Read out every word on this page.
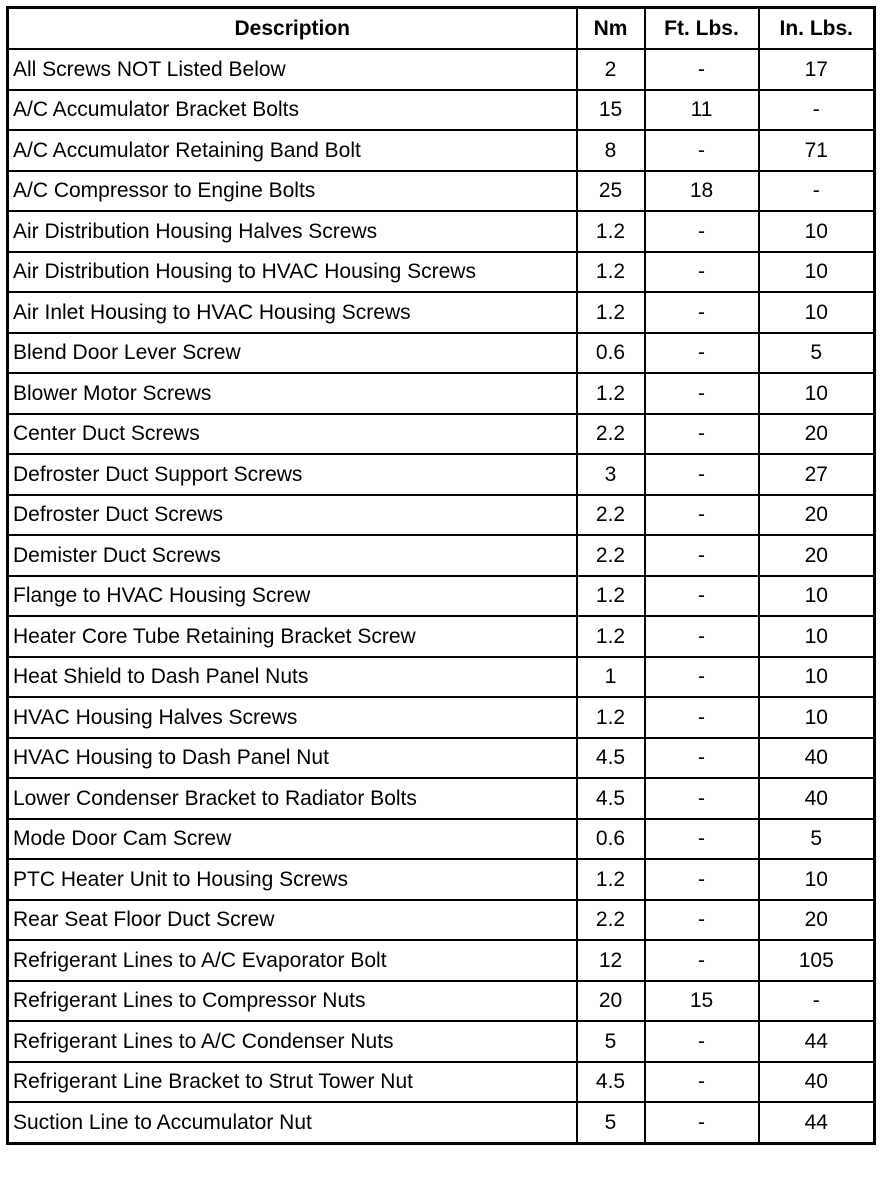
Description	Nm	Ft. Lbs.	In. Lbs.
All Screws NOT Listed Below	2	-	17
A/C Accumulator Bracket Bolts	15	11	-
A/C Accumulator Retaining Band Bolt	8	-	71
A/C Compressor to Engine Bolts	25	18	-
Air Distribution Housing Halves Screws	1.2	-	10
Air Distribution Housing to HVAC Housing Screws	1.2	-	10
Air Inlet Housing to HVAC Housing Screws	1.2	-	10
Blend Door Lever Screw	0.6	-	5
Blower Motor Screws	1.2	-	10
Center Duct Screws	2.2	-	20
Defroster Duct Support Screws	3	-	27
Defroster Duct Screws	2.2	-	20
Demister Duct Screws	2.2	-	20
Flange to HVAC Housing Screw	1.2	-	10
Heater Core Tube Retaining Bracket Screw	1.2	-	10
Heat Shield to Dash Panel Nuts	1	-	10
HVAC Housing Halves Screws	1.2	-	10
HVAC Housing to Dash Panel Nut	4.5	-	40
Lower Condenser Bracket to Radiator Bolts	4.5	-	40
Mode Door Cam Screw	0.6	-	5
PTC Heater Unit to Housing Screws	1.2	-	10
Rear Seat Floor Duct Screw	2.2	-	20
Refrigerant Lines to A/C Evaporator Bolt	12	-	105
Refrigerant Lines to Compressor Nuts	20	15	-
Refrigerant Lines to A/C Condenser Nuts	5	-	44
Refrigerant Line Bracket to Strut Tower Nut	4.5	-	40
Suction Line to Accumulator Nut	5	-	44
